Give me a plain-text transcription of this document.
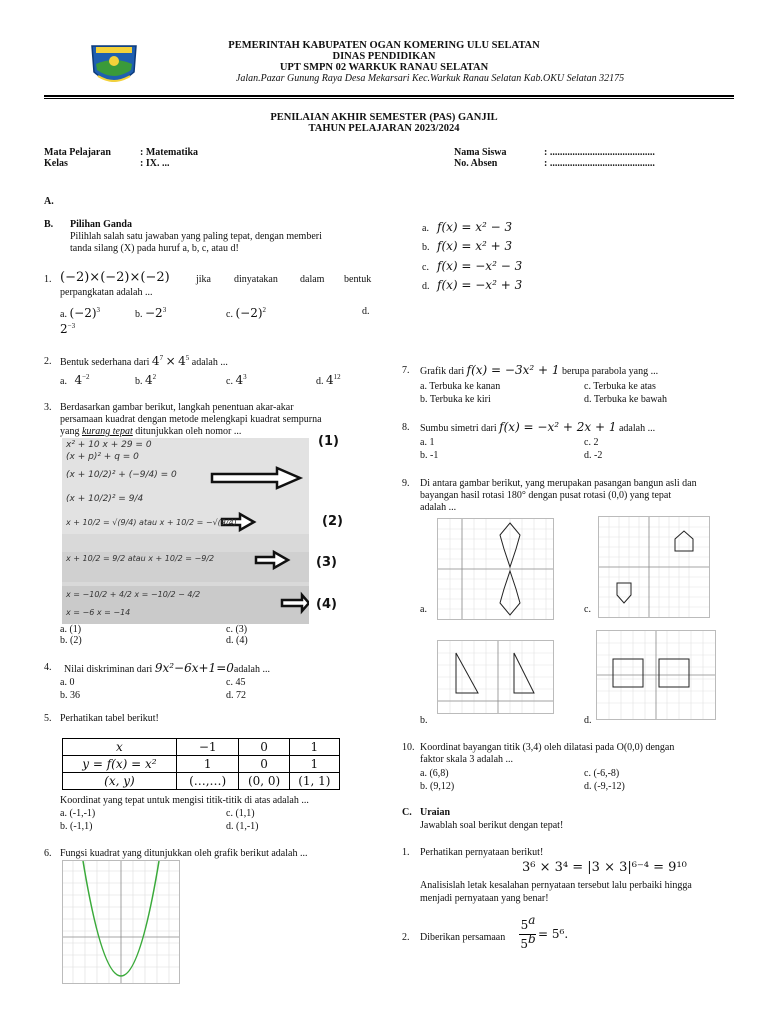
PEMERINTAH KABUPATEN OGAN KOMERING ULU SELATAN
DINAS PENDIDIKAN
UPT SMPN 02 WARKUK RANAU SELATAN
Jalan.Pazar Gunung Raya Desa Mekarsari Kec.Warkuk Ranau Selatan Kab.OKU Selatan 32175
PENILAIAN AKHIR SEMESTER (PAS) GANJIL
TAHUN PELAJARAN 2023/2024
Mata Pelajaran	: Matematika
Kelas	: IX. ...
Nama Siswa	: ..........................................
No. Absen	: ..........................................
A.
B. Pilihan Ganda
Pilihlah salah satu jawaban yang paling tepat, dengan memberi
tanda silang (X) pada huruf a, b, c, atau d!
1. (−2)×(−2)×(−2)	jika dinyatakan dalam bentuk
perpangkatan adalah ...
a. $(-2)^3$	b. $-2^3$	c. $(-2)^2$	d.
$2^{-3}$
2. Bentuk sederhana dari $4^7 \times 4^5$ adalah ...
a. $4^{-2}$	b. $4^2$	c. $4^3$	d. $4^{12}$
3. Berdasarkan gambar berikut, langkah penentuan akar-akar
persamaan kuadrat dengan metode melengkapi kuadrat sempurna
yang kurang tepat ditunjukkan oleh nomor ...
x² + 10 x + 29 = 0
(x + p)² + q = 0
(x + 10/2)² + (−9/4) = 0
(x + 10/2)² = 9/4
x + 10/2 = √(9/4) atau x + 10/2 = −√(9/4)
x + 10/2 = 9/2 atau x + 10/2 = −9/2
x = −10/2 + 4/2 x = −10/2 − 4/2
x = −6 x = −14
(1)
(2)
(3)
(4)
a. (1)
b. (2)
c. (3)
d. (4)
4. Nilai diskriminan dari 9x²−6x+1=0adalah ...
a. 0
b. 36
c. 45
d. 72
5. Perhatikan tabel berikut!
x	−1	0	1
y = f(x) = x²	1	0	1
(x, y)	(…,…)	(0, 0)	(1, 1)
Koordinat yang tepat untuk mengisi titik-titik di atas adalah ...
a. (-1,-1)
b. (-1,1)
c. (1,1)
d. (1,-1)
6. Fungsi kuadrat yang ditunjukkan oleh grafik berikut adalah ...
a. f(x) = x² − 3
b. f(x) = x² + 3
c. f(x) = −x² − 3
d. f(x) = −x² + 3
7. Grafik dari f(x) = −3x² + 1 berupa parabola yang ...
a. Terbuka ke kanan
b. Terbuka ke kiri
c. Terbuka ke atas
d. Terbuka ke bawah
8. Sumbu simetri dari f(x) = −x² + 2x + 1 adalah ...
a. 1
b. -1
c. 2
d. -2
9. Di antara gambar berikut, yang merupakan pasangan bangun asli dan
bayangan hasil rotasi 180° dengan pusat rotasi (0,0) yang tepat
adalah ...
a.	c.
b.	d.
10. Koordinat bayangan titik (3,4) oleh dilatasi pada O(0,0) dengan
faktor skala 3 adalah ...
a. (6,8)
b. (9,12)
c. (-6,-8)
d. (-9,-12)
C. Uraian
Jawablah soal berikut dengan tepat!
1. Perhatikan pernyataan berikut!
3⁶ × 3⁴ = |3 × 3|⁶⁻⁴ = 9¹⁰
Analisislah letak kesalahan pernyataan tersebut lalu perbaiki hingga
menjadi pernyataan yang benar!
2. Diberikan persamaan
5$^a$
$5^b = 5^6$.
